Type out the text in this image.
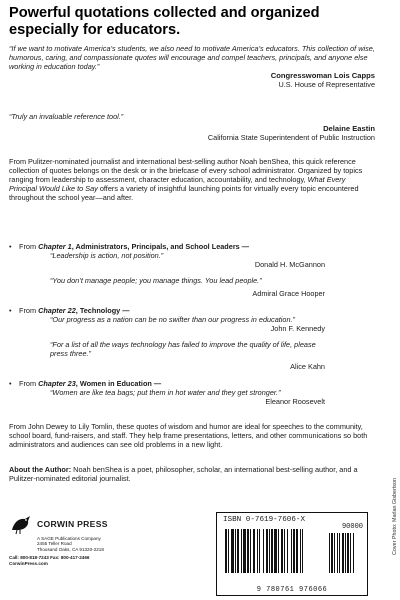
Powerful quotations collected and organized especially for educators.
“If we want to motivate America’s students, we also need to motivate America’s educators. This collection of wise, humorous, caring, and compassionate quotes will encourage and compel teachers, principals, and anyone else working in education today.”
Congresswoman Lois Capps
U.S. House of Representative
“Truly an invaluable reference tool.”
Delaine Eastin
California State Superintendent of Public Instruction
From Pulitzer-nominated journalist and international best-selling author Noah benShea, this quick reference collection of quotes belongs on the desk or in the briefcase of every school administrator. Organized by topics ranging from leadership to assessment, character education, accountability, and technology, What Every Principal Would Like to Say offers a variety of insightful launching points for virtually every topic encountered throughout the school year—and after.
• From Chapter 1, Administrators, Principals, and School Leaders —
“Leadership is action, not position.”
Donald H. McGannon
“You don’t manage people; you manage things. You lead people.”
Admiral Grace Hooper
• From Chapter 22, Technology —
“Our progress as a nation can be no swifter than our progress in education.”
John F. Kennedy
“For a list of all the ways technology has failed to improve the quality of life, please press three.”
Alice Kahn
• From Chapter 23, Women in Education —
“Women are like tea bags; put them in hot water and they get stronger.”
Eleanor Roosevelt
From John Dewey to Lily Tomlin, these quotes of wisdom and humor are ideal for speeches to the community, school board, fund-raisers, and staff. They help frame presentations, letters, and other communications so both administrators and audiences can see old problems in a new light.
About the Author: Noah benShea is a poet, philosopher, scholar, an international best-selling author, and a Pulitzer-nominated editorial journalist.
CORWIN PRESS
A SAGE Publications Company
2455 Teller Road
Thousand Oaks, CA 91320-2218
Call: 800-818-7243 Fax: 800-417-2466
CorwinPress.com
ISBN 0-7619-7606-X
90000
9 780761 976066
Cover Photo: Marlan Gisbertson
